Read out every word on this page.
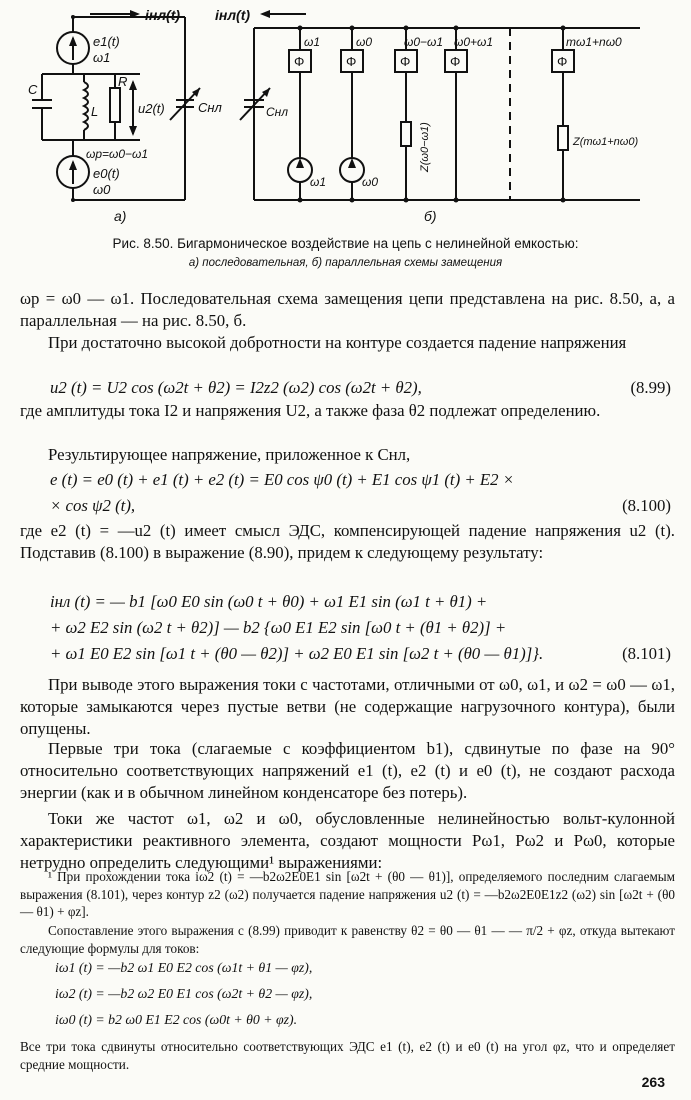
iнл(t) iнл(t)
e1(t)
ω1
C
L
R
u2(t)	Cнл
ωр=ω0−ω1
e0(t)
ω0
а)
Cнл
б)
Φ	Φ	Φ	Φ	Φ
ω1	ω0	ω0−ω1 ω0+ω1	mω1+nω0
Z(ω0−ω1)	Z(mω1+nω0)
ω1	ω0
Рис. 8.50. Бигармоническое воздействие на цепь с нелинейной емкостью:
а) последовательная, б) параллельная схемы замещения
ωр = ω0 — ω1. Последовательная схема замещения цепи представлена на рис. 8.50, а, а параллельная — на рис. 8.50, б.
При достаточно высокой добротности на контуре создается падение напряжения
u2 (t) = U2 cos (ω2t + θ2) = I2z2 (ω2) cos (ω2t + θ2),	(8.99)
где амплитуды тока I2 и напряжения U2, а также фаза θ2 подлежат определению.
Результирующее напряжение, приложенное к Cнл,
e (t) = e0 (t) + e1 (t) + e2 (t) = E0 cos ψ0 (t) + E1 cos ψ1 (t) + E2 ×
× cos ψ2 (t),	(8.100)
где e2 (t) = —u2 (t) имеет смысл ЭДС, компенсирующей падение напряжения u2 (t). Подставив (8.100) в выражение (8.90), придем к следующему результату:
iнл (t) = — b1 [ω0 E0 sin (ω0 t + θ0) + ω1 E1 sin (ω1 t + θ1) +
+ ω2 E2 sin (ω2 t + θ2)] — b2 {ω0 E1 E2 sin [ω0 t + (θ1 + θ2)] +
+ ω1 E0 E2 sin [ω1 t + (θ0 — θ2)] + ω2 E0 E1 sin [ω2 t + (θ0 — θ1)]}.	(8.101)
При выводе этого выражения токи с частотами, отличными от ω0, ω1, и ω2 = ω0 — ω1, которые замыкаются через пустые ветви (не содержащие нагрузочного контура), были опущены.
Первые три тока (слагаемые с коэффициентом b1), сдвинутые по фазе на 90° относительно соответствующих напряжений e1 (t), e2 (t) и e0 (t), не создают расхода энергии (как и в обычном линейном конденсаторе без потерь).
Токи же частот ω1, ω2 и ω0, обусловленные нелинейностью вольт-кулонной характеристики реактивного элемента, создают мощности Pω1, Pω2 и Pω0, которые нетрудно определить следующими¹ выражениями:
¹ При прохождении тока iω2 (t) = —b2ω2E0E1 sin [ω2t + (θ0 — θ1)], определяемого последним слагаемым выражения (8.101), через контур z2 (ω2) получается падение напряжения u2 (t) = —b2ω2E0E1z2 (ω2) sin [ω2t + (θ0 — θ1) + φz].
Сопоставление этого выражения с (8.99) приводит к равенству θ2 = θ0 — θ1 — — π/2 + φz, откуда вытекают следующие формулы для токов:
iω1 (t) = —b2 ω1 E0 E2 cos (ω1t + θ1 — φz),
iω2 (t) = —b2 ω2 E0 E1 cos (ω2t + θ2 — φz),
iω0 (t) = b2 ω0 E1 E2 cos (ω0t + θ0 + φz).
Все три тока сдвинуты относительно соответствующих ЭДС e1 (t), e2 (t) и e0 (t) на угол φz, что и определяет средние мощности.
263
